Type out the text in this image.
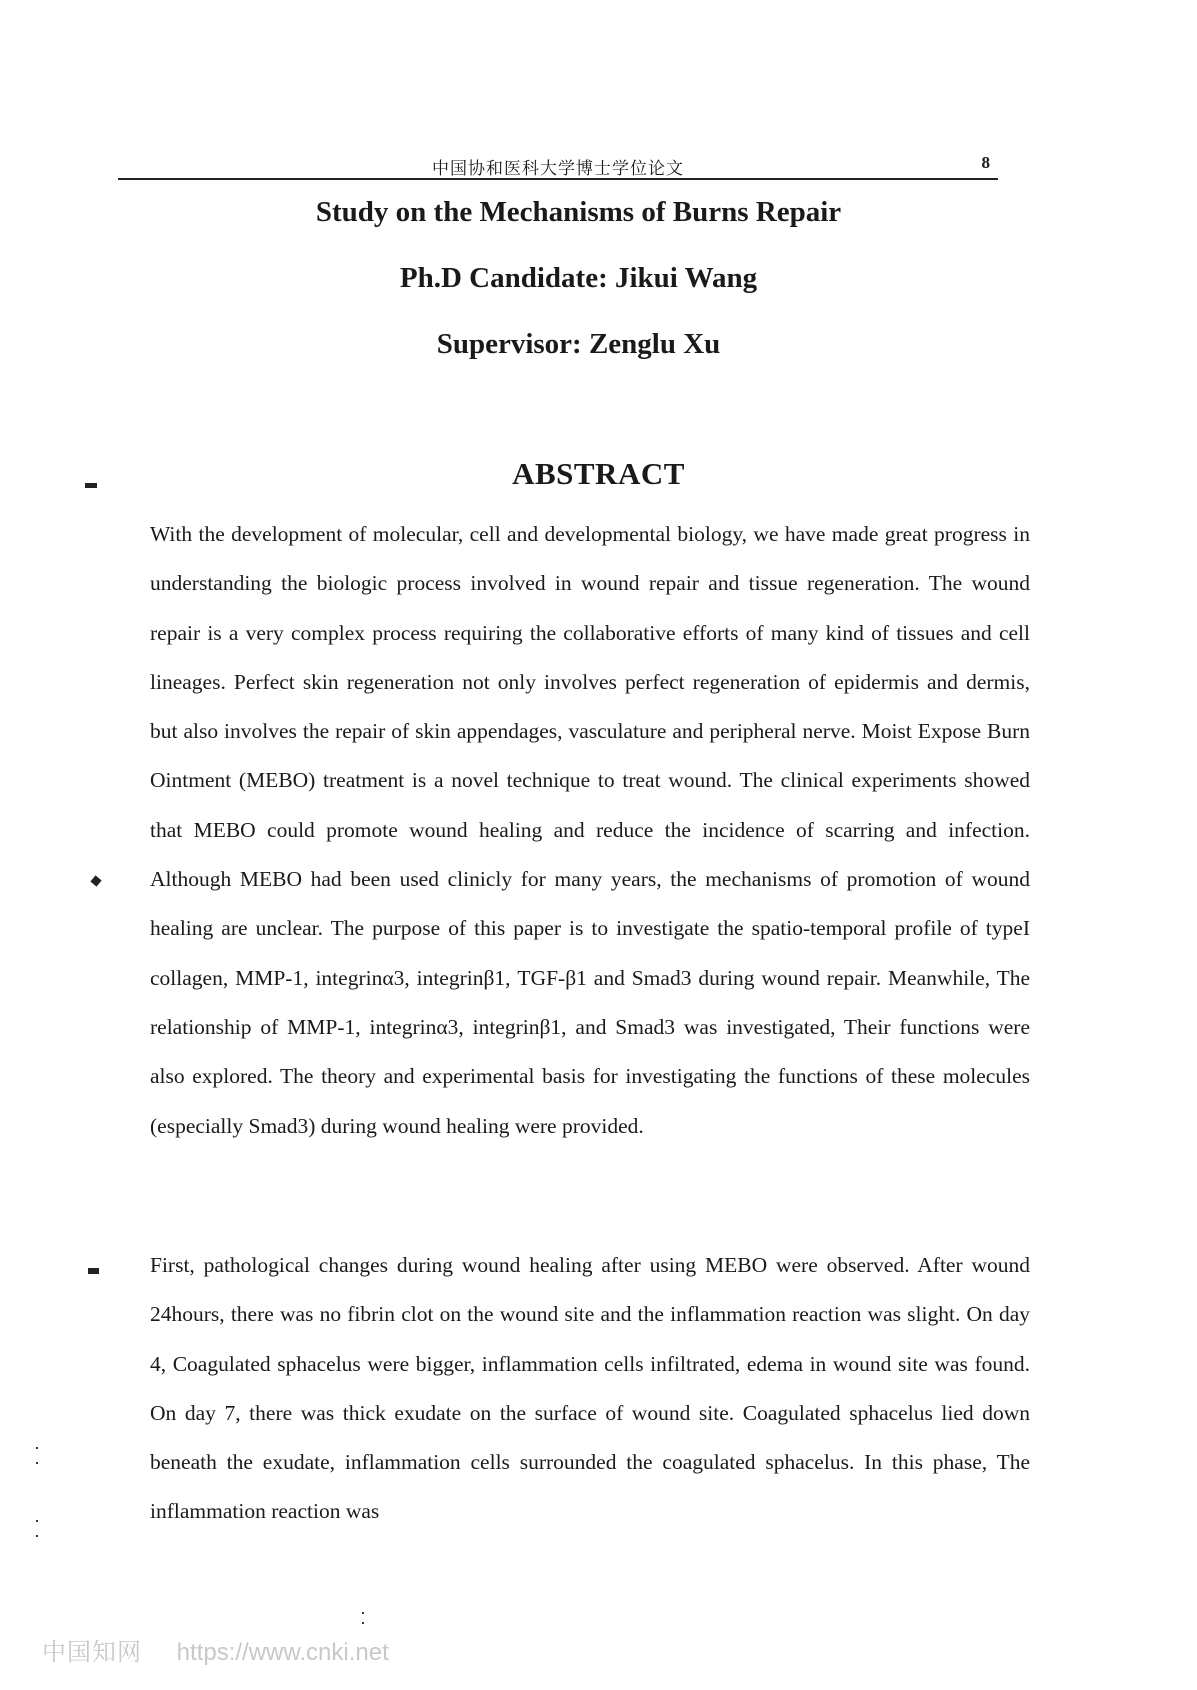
中国协和医科大学博士学位论文	8
Study on the Mechanisms of Burns Repair
Ph.D Candidate: Jikui Wang
Supervisor: Zenglu Xu
ABSTRACT

With the development of molecular, cell and developmental biology, we have made great progress in understanding the biologic process involved in wound repair and tissue regeneration. The wound repair is a very complex process requiring the collaborative efforts of many kind of tissues and cell lineages. Perfect skin regeneration not only involves perfect regeneration of epidermis and dermis, but also involves the repair of skin appendages, vasculature and peripheral nerve. Moist Expose Burn Ointment (MEBO) treatment is a novel technique to treat wound. The clinical experiments showed that MEBO could promote wound healing and reduce the incidence of scarring and infection. Although MEBO had been used clinicly for many years, the mechanisms of promotion of wound healing are unclear. The purpose of this paper is to investigate the spatio-temporal profile of typeI collagen, MMP-1, integrinα3, integrinβ1, TGF-β1 and Smad3 during wound repair. Meanwhile, The relationship of MMP-1, integrinα3, integrinβ1, and Smad3 was investigated, Their functions were also explored. The theory and experimental basis for investigating the functions of these molecules (especially Smad3) during wound healing were provided.

First, pathological changes during wound healing after using MEBO were observed. After wound 24hours, there was no fibrin clot on the wound site and the inflammation reaction was slight. On day 4, Coagulated sphacelus were bigger, inflammation cells infiltrated, edema in wound site was found. On day 7, there was thick exudate on the surface of wound site. Coagulated sphacelus lied down beneath the exudate, inflammation cells surrounded the coagulated sphacelus. In this phase, The inflammation reaction was

中国知网 https://www.cnki.net
